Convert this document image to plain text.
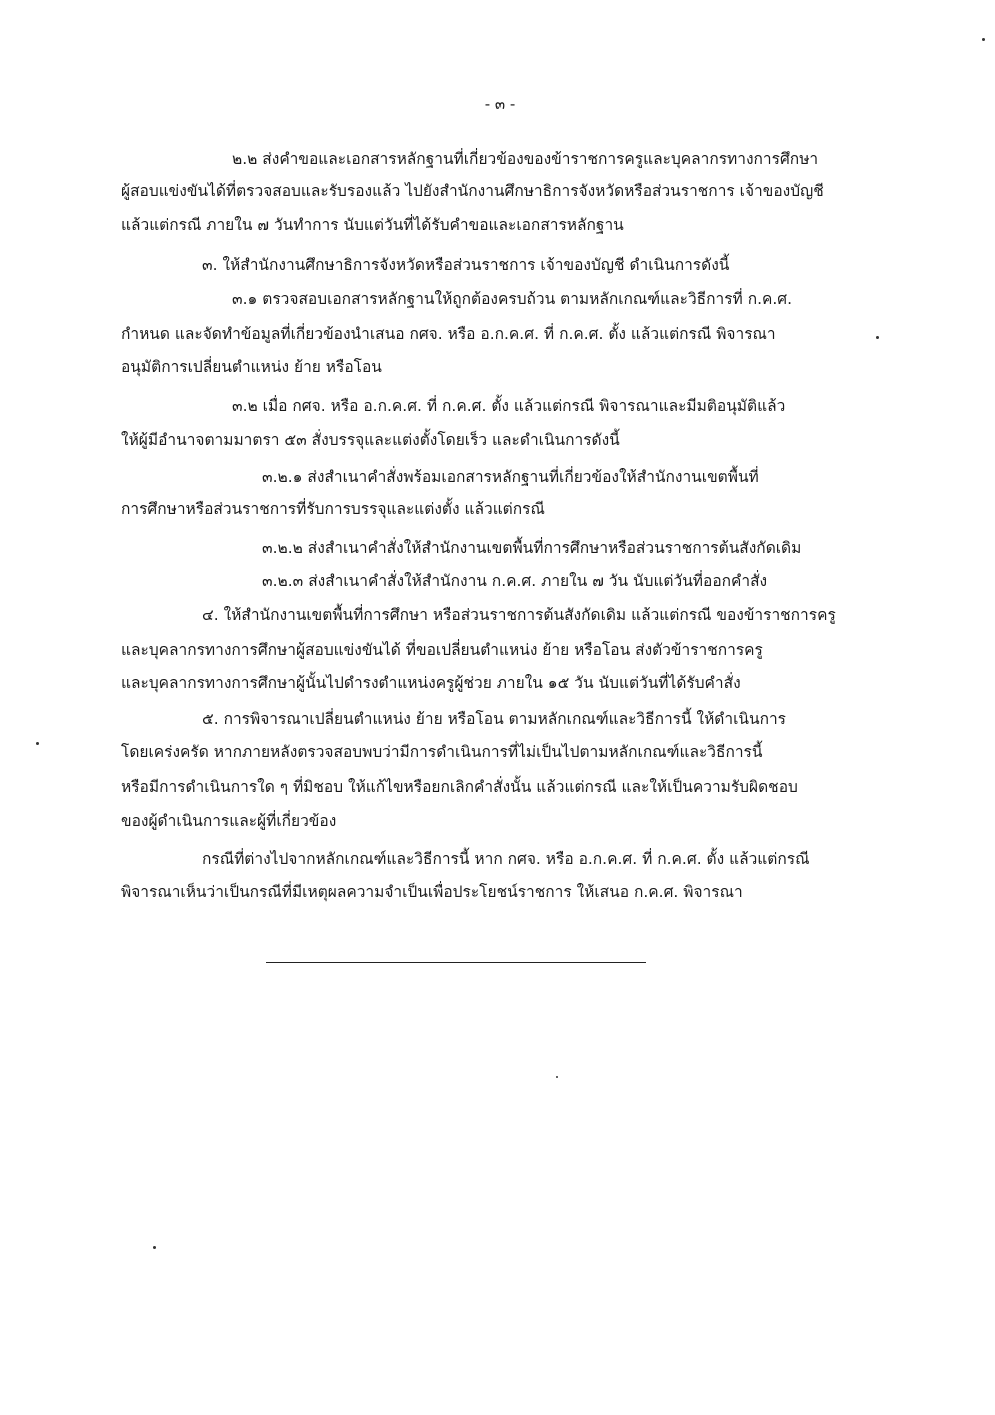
- ๓ -
๒.๒ ส่งคำขอและเอกสารหลักฐานที่เกี่ยวข้องของข้าราชการครูและบุคลากรทางการศึกษา
ผู้สอบแข่งขันได้ที่ตรวจสอบและรับรองแล้ว ไปยังสำนักงานศึกษาธิการจังหวัดหรือส่วนราชการ เจ้าของบัญชี
แล้วแต่กรณี ภายใน ๗ วันทำการ นับแต่วันที่ได้รับคำขอและเอกสารหลักฐาน
๓. ให้สำนักงานศึกษาธิการจังหวัดหรือส่วนราชการ เจ้าของบัญชี ดำเนินการดังนี้
๓.๑ ตรวจสอบเอกสารหลักฐานให้ถูกต้องครบถ้วน ตามหลักเกณฑ์และวิธีการที่ ก.ค.ศ.
กำหนด และจัดทำข้อมูลที่เกี่ยวข้องนำเสนอ กศจ. หรือ อ.ก.ค.ศ. ที่ ก.ค.ศ. ตั้ง แล้วแต่กรณี พิจารณา
อนุมัติการเปลี่ยนตำแหน่ง ย้าย หรือโอน
๓.๒ เมื่อ กศจ. หรือ อ.ก.ค.ศ. ที่ ก.ค.ศ. ตั้ง แล้วแต่กรณี พิจารณาและมีมติอนุมัติแล้ว
ให้ผู้มีอำนาจตามมาตรา ๕๓ สั่งบรรจุและแต่งตั้งโดยเร็ว และดำเนินการดังนี้
๓.๒.๑ ส่งสำเนาคำสั่งพร้อมเอกสารหลักฐานที่เกี่ยวข้องให้สำนักงานเขตพื้นที่
การศึกษาหรือส่วนราชการที่รับการบรรจุและแต่งตั้ง แล้วแต่กรณี
๓.๒.๒ ส่งสำเนาคำสั่งให้สำนักงานเขตพื้นที่การศึกษาหรือส่วนราชการต้นสังกัดเดิม
๓.๒.๓ ส่งสำเนาคำสั่งให้สำนักงาน ก.ค.ศ. ภายใน ๗ วัน นับแต่วันที่ออกคำสั่ง
๔. ให้สำนักงานเขตพื้นที่การศึกษา หรือส่วนราชการต้นสังกัดเดิม แล้วแต่กรณี ของข้าราชการครู
และบุคลากรทางการศึกษาผู้สอบแข่งขันได้ ที่ขอเปลี่ยนตำแหน่ง ย้าย หรือโอน ส่งตัวข้าราชการครู
และบุคลากรทางการศึกษาผู้นั้นไปดำรงตำแหน่งครูผู้ช่วย ภายใน ๑๕ วัน นับแต่วันที่ได้รับคำสั่ง
๕. การพิจารณาเปลี่ยนตำแหน่ง ย้าย หรือโอน ตามหลักเกณฑ์และวิธีการนี้ ให้ดำเนินการ
โดยเคร่งครัด หากภายหลังตรวจสอบพบว่ามีการดำเนินการที่ไม่เป็นไปตามหลักเกณฑ์และวิธีการนี้
หรือมีการดำเนินการใด ๆ ที่มิชอบ ให้แก้ไขหรือยกเลิกคำสั่งนั้น แล้วแต่กรณี และให้เป็นความรับผิดชอบ
ของผู้ดำเนินการและผู้ที่เกี่ยวข้อง
กรณีที่ต่างไปจากหลักเกณฑ์และวิธีการนี้ หาก กศจ. หรือ อ.ก.ค.ศ. ที่ ก.ค.ศ. ตั้ง แล้วแต่กรณี
พิจารณาเห็นว่าเป็นกรณีที่มีเหตุผลความจำเป็นเพื่อประโยชน์ราชการ ให้เสนอ ก.ค.ศ. พิจารณา
